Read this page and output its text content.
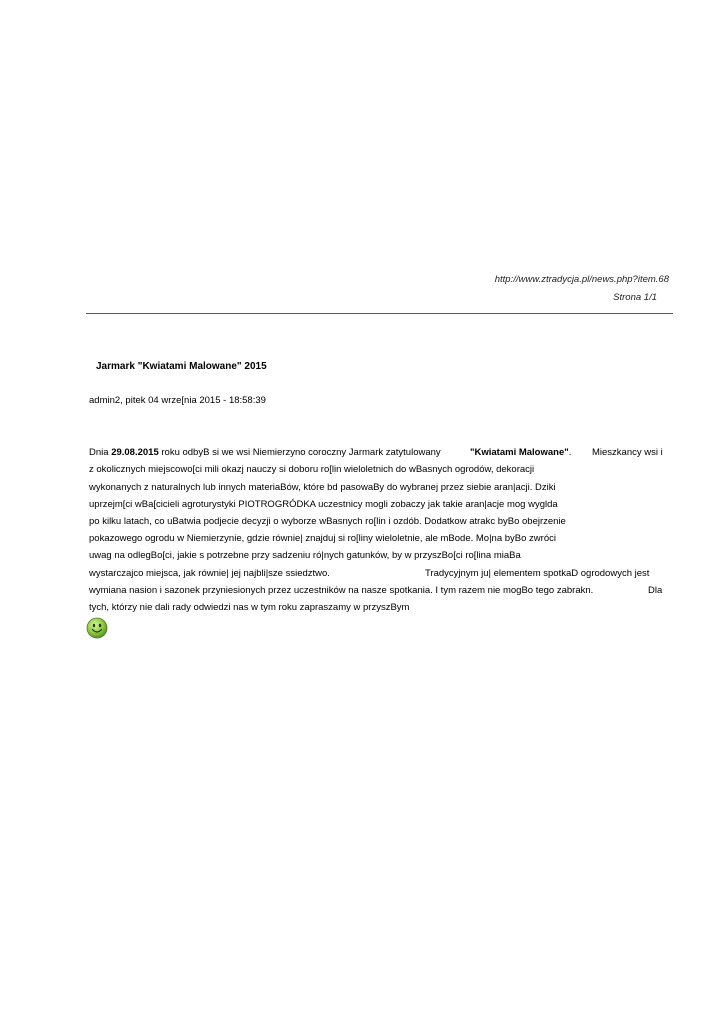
http://www.ztradycja.pl/news.php?item.68
Strona 1/1
Jarmark "Kwiatami Malowane" 2015
admin2, pitek 04 wrze[nia 2015 - 18:58:39
Dnia 29.08.2015 roku odbyB si we wsi Niemierzyno coroczny Jarmark zatytulowany	"Kwiatami Malowane". Mieszkancy wsi i
z okolicznych miejscowo[ci mili okazj nauczy si doboru ro[lin wieloletnich do wBasnych ogrodów, dekoracji
wykonanych z naturalnych lub innych materiaBów, które bd pasowaBy do wybranej przez siebie aran|acji. Dziki
uprzejm[ci wBa[cicieli agroturystyki PIOTROGRÓDKA uczestnicy mogli zobaczy jak takie aran|acje mog wyglda
po kilku latach, co uBatwia podjecie decyzji o wyborze wBasnych ro[lin i ozdób. Dodatkow atrakc byBo obejrzenie
pokazowego ogrodu w Niemierzynie, gdzie równie| znajduj si ro[liny wieloletnie, ale mBode. Mo|na byBo zwróci
uwag na odlegBo[ci, jakie s potrzebne przy sadzeniu ró|nych gatunków, by w przyszBo[ci ro[lina miaBa
wystarczajco miejsca, jak równie| jej najbli|sze ssiedztwo.	Tradycyjnym ju| elementem spotkaD ogrodowych jest
wymiana nasion i sazonek przyniesionych przez uczestników na nasze spotkania. I tym razem nie mogBo tego zabrakn.	Dla
tych, którzy nie dali rady odwiedzi nas w tym roku zapraszamy w przyszBym
